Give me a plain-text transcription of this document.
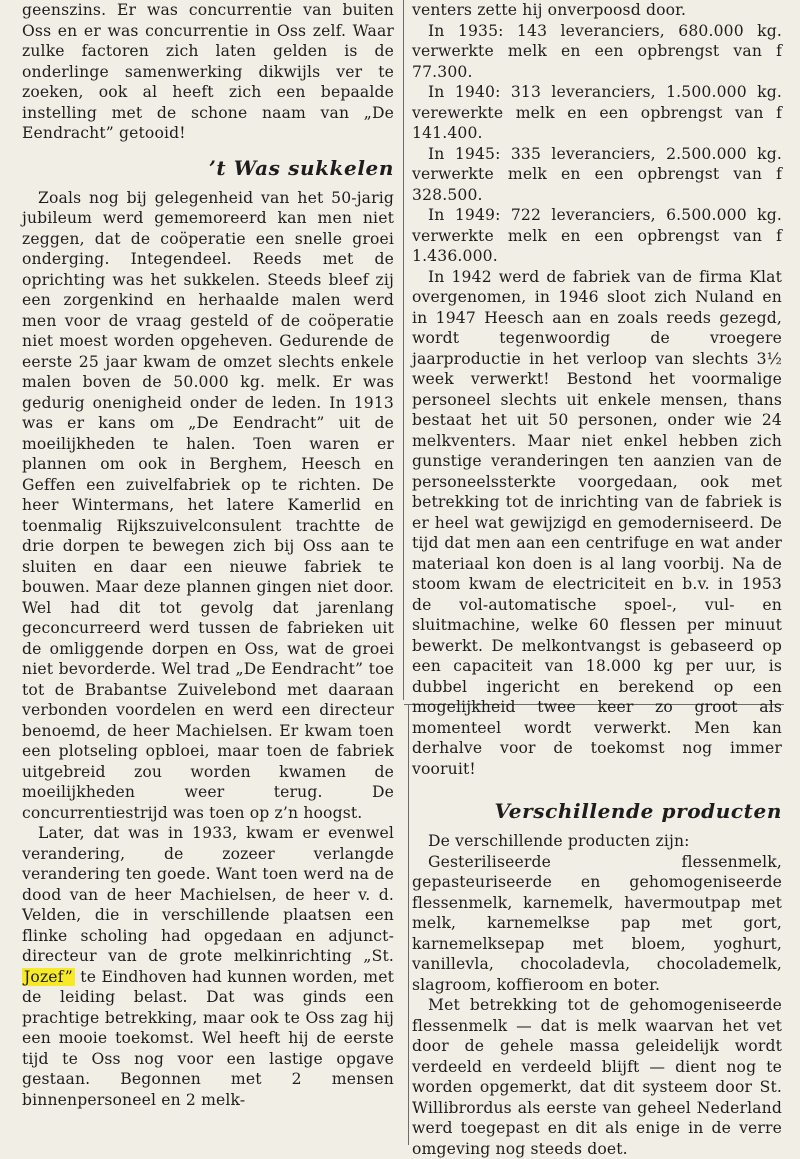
geenszins. Er was concurrentie van buiten Oss en er was concurrentie in Oss zelf. Waar zulke factoren zich laten gelden is de onderlinge samenwerking dikwijls ver te zoeken, ook al heeft zich een bepaalde instelling met de schone naam van „De Eendracht” getooid!

’t Was sukkelen

Zoals nog bij gelegenheid van het 50-jarig jubileum werd gememoreerd kan men niet zeggen, dat de coöperatie een snelle groei onderging. Integendeel. Reeds met de oprichting was het sukkelen. Steeds bleef zij een zorgenkind en herhaalde malen werd men voor de vraag gesteld of de coöperatie niet moest worden opgeheven. Gedurende de eerste 25 jaar kwam de omzet slechts enkele malen boven de 50.000 kg. melk. Er was gedurig onenigheid onder de leden. In 1913 was er kans om „De Eendracht” uit de moeilijkheden te halen. Toen waren er plannen om ook in Berghem, Heesch en Geffen een zuivelfabriek op te richten. De heer Wintermans, het latere Kamerlid en toenmalig Rijkszuivelconsulent trachtte de drie dorpen te bewegen zich bij Oss aan te sluiten en daar een nieuwe fabriek te bouwen. Maar deze plannen gingen niet door. Wel had dit tot gevolg dat jarenlang geconcurreerd werd tussen de fabrieken uit de omliggende dorpen en Oss, wat de groei niet bevorderde. Wel trad „De Eendracht” toe tot de Brabantse Zuivelebond met daaraan verbonden voordelen en werd een directeur benoemd, de heer Machielsen. Er kwam toen een plotseling opbloei, maar toen de fabriek uitgebreid zou worden kwamen de moeilijkheden weer terug. De concurrentiestrijd was toen op z’n hoogst.

Later, dat was in 1933, kwam er evenwel verandering, de zozeer verlangde verandering ten goede. Want toen werd na de dood van de heer Machielsen, de heer v. d. Velden, die in verschillende plaatsen een flinke scholing had opgedaan en adjunct-directeur van de grote melkinrichting „St. Jozef” te Eindhoven had kunnen worden, met de leiding belast. Dat was ginds een prachtige betrekking, maar ook te Oss zag hij een mooie toekomst. Wel heeft hij de eerste tijd te Oss nog voor een lastige opgave gestaan. Begonnen met 2 mensen binnenpersoneel en 2 melk-

venters zette hij onverpoosd door.

In 1935: 143 leveranciers, 680.000 kg. verwerkte melk en een opbrengst van f 77.300.

In 1940: 313 leveranciers, 1.500.000 kg. verewerkte melk en een opbrengst van f 141.400.

In 1945: 335 leveranciers, 2.500.000 kg. verwerkte melk en een opbrengst van f 328.500.

In 1949: 722 leveranciers, 6.500.000 kg. verwerkte melk en een opbrengst van f 1.436.000.

In 1942 werd de fabriek van de firma Klat overgenomen, in 1946 sloot zich Nuland en in 1947 Heesch aan en zoals reeds gezegd, wordt tegenwoordig de vroegere jaarproductie in het verloop van slechts 3½ week verwerkt! Bestond het voormalige personeel slechts uit enkele mensen, thans bestaat het uit 50 personen, onder wie 24 melkventers. Maar niet enkel hebben zich gunstige veranderingen ten aanzien van de personeelssterkte voorgedaan, ook met betrekking tot de inrichting van de fabriek is er heel wat gewijzigd en gemoderniseerd. De tijd dat men aan een centrifuge en wat ander materiaal kon doen is al lang voorbij. Na de stoom kwam de electriciteit en b.v. in 1953 de vol-automatische spoel-, vul- en sluitmachine, welke 60 flessen per minuut bewerkt. De melkontvangst is gebaseerd op een capaciteit van 18.000 kg per uur, is dubbel ingericht en berekend op een mogelijkheid twee keer zo groot als momenteel wordt verwerkt. Men kan derhalve voor de toekomst nog immer vooruit!

Verschillende producten

De verschillende producten zijn:

Gesteriliseerde flessenmelk, gepasteuriseerde en gehomogeniseerde flessenmelk, karnemelk, havermoutpap met melk, karnemelkse pap met gort, karnemelksepap met bloem, yoghurt, vanillevla, chocoladevla, chocolademelk, slagroom, koffieroom en boter.

Met betrekking tot de gehomogeniseerde flessenmelk — dat is melk waarvan het vet door de gehele massa geleidelijk wordt verdeeld en verdeeld blijft — dient nog te worden opgemerkt, dat dit systeem door St. Willibrordus als eerste van geheel Nederland werd toegepast en dit als enige in de verre omgeving nog steeds doet.
